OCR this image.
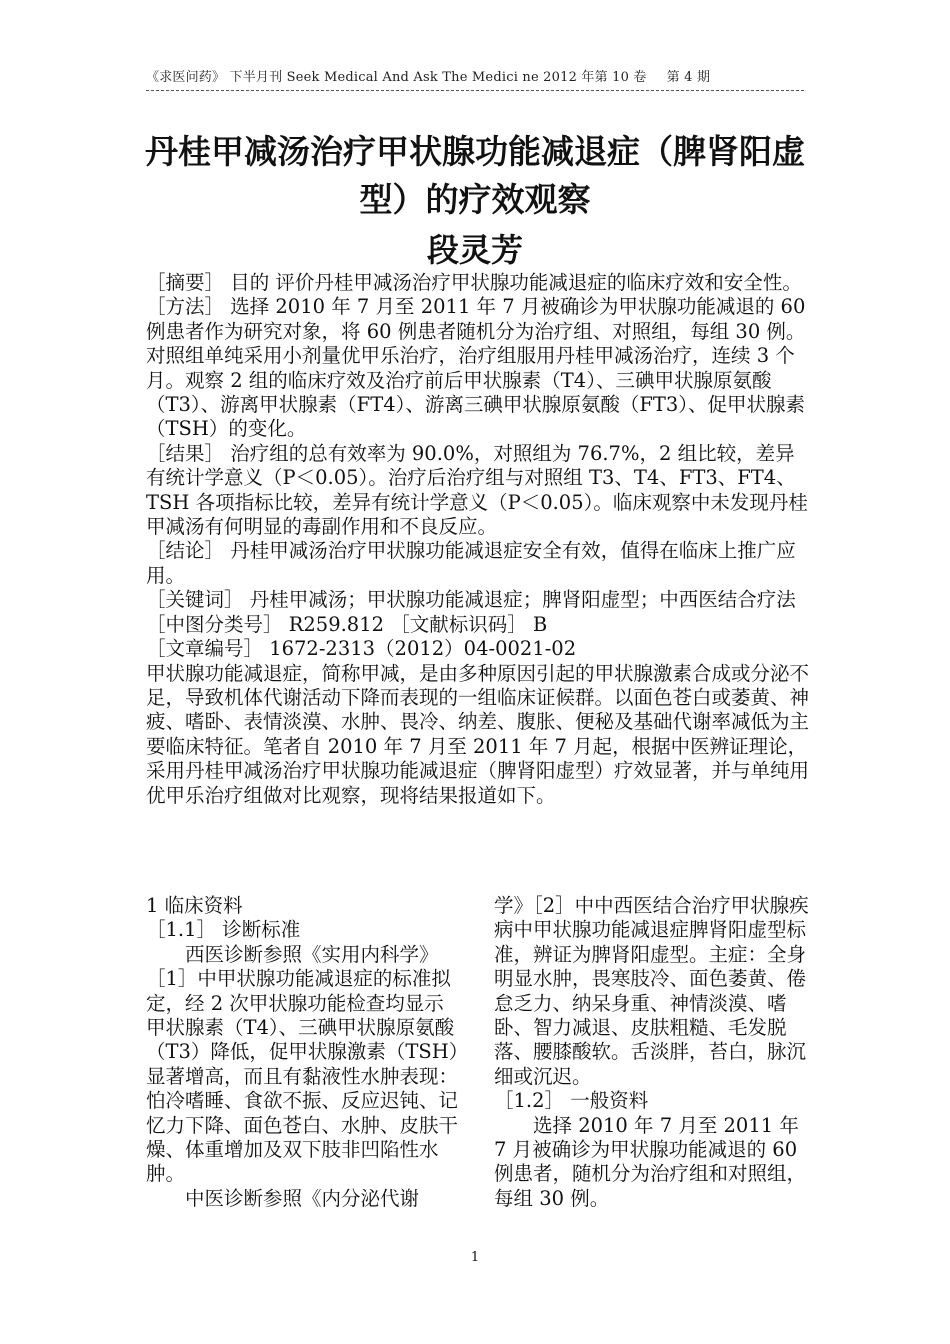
《求医问药》 下半月刊 Seek Medical And Ask The Medici ne 2012 年第 10 卷 第 4 期
丹桂甲减汤治疗甲状腺功能减退症（脾肾阳虚型）的疗效观察
段灵芳

［摘要］ 目的 评价丹桂甲减汤治疗甲状腺功能减退症的临床疗效和安全性。

［方法］ 选择 2010 年 7 月至 2011 年 7 月被确诊为甲状腺功能减退的 60 例患者作为研究对象，将 60 例患者随机分为治疗组、对照组，每组 30 例。对照组单纯采用小剂量优甲乐治疗，治疗组服用丹桂甲减汤治疗，连续 3 个月。观察 2 组的临床疗效及治疗前后甲状腺素（T4）、三碘甲状腺原氨酸（T3）、游离甲状腺素（FT4）、游离三碘甲状腺原氨酸（FT3）、促甲状腺素（TSH）的变化。

［结果］ 治疗组的总有效率为 90.0%，对照组为 76.7%，2 组比较，差异有统计学意义（P＜0.05）。治疗后治疗组与对照组 T3、T4、FT3、FT4、TSH 各项指标比较，差异有统计学意义（P＜0.05）。临床观察中未发现丹桂甲减汤有何明显的毒副作用和不良反应。

［结论］ 丹桂甲减汤治疗甲状腺功能减退症安全有效，值得在临床上推广应用。

［关键词］ 丹桂甲减汤；甲状腺功能减退症；脾肾阳虚型；中西医结合疗法

［中图分类号］ R259.812 ［文献标识码］ B

［文章编号］ 1672-2313（2012）04-0021-02

甲状腺功能减退症，简称甲减，是由多种原因引起的甲状腺激素合成或分泌不足，导致机体代谢活动下降而表现的一组临床证候群。以面色苍白或萎黄、神疲、嗜卧、表情淡漠、水肿、畏冷、纳差、腹胀、便秘及基础代谢率减低为主要临床特征。笔者自 2010 年 7 月至 2011 年 7 月起，根据中医辨证理论，采用丹桂甲减汤治疗甲状腺功能减退症（脾肾阳虚型）疗效显著，并与单纯用优甲乐治疗组做对比观察，现将结果报道如下。

1 临床资料

［1.1］ 诊断标准

西医诊断参照《实用内科学》［1］中甲状腺功能减退症的标准拟定，经 2 次甲状腺功能检查均显示甲状腺素（T4）、三碘甲状腺原氨酸（T3）降低，促甲状腺激素（TSH）显著增高，而且有黏液性水肿表现：怕冷嗜睡、食欲不振、反应迟钝、记忆力下降、面色苍白、水肿、皮肤干燥、体重增加及双下肢非凹陷性水肿。

中医诊断参照《内分泌代谢

学》［2］中中西医结合治疗甲状腺疾病中甲状腺功能减退症脾肾阳虚型标准，辨证为脾肾阳虚型。主症：全身明显水肿，畏寒肢冷、面色萎黄、倦怠乏力、纳呆身重、神情淡漠、嗜卧、智力减退、皮肤粗糙、毛发脱落、腰膝酸软。舌淡胖，苔白，脉沉细或沉迟。

［1.2］ 一般资料

选择 2010 年 7 月至 2011 年 7 月被确诊为甲状腺功能减退的 60 例患者，随机分为治疗组和对照组，每组 30 例。

1
